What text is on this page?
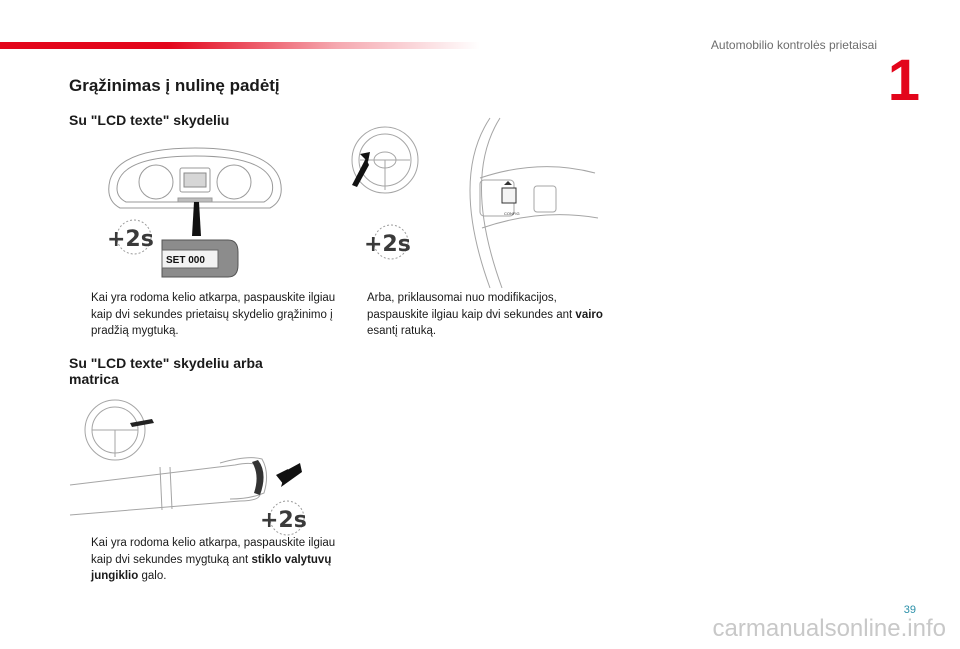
Automobilio kontrolės prietaisai
1
Grąžinimas į nulinę padėtį
Su "LCD texte" skydeliu
SET 000
+2s
CONFIG
+2s
Kai yra rodoma kelio atkarpa, paspauskite ilgiau kaip dvi sekundes prietaisų skydelio grąžinimo į pradžią mygtuką.
Arba, priklausomai nuo modifikacijos, paspauskite ilgiau kaip dvi sekundes ant vairo esantį ratuką.
Su "LCD texte" skydeliu arba
matrica
+2s
Kai yra rodoma kelio atkarpa, paspauskite ilgiau kaip dvi sekundes mygtuką ant stiklo valytuvų jungiklio galo.
39
carmanualsonline.info
